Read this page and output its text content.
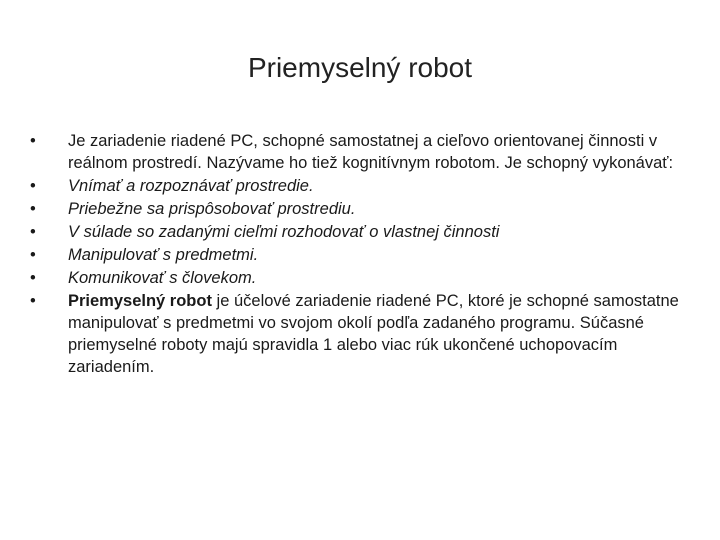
Priemyselný robot
• Je zariadenie riadené PC, schopné samostatnej a cieľovo orientovanej činnosti v reálnom prostredí. Nazývame ho tiež kognitívnym robotom. Je schopný vykonávať:
• Vnímať a rozpoznávať prostredie.
• Priebežne sa prispôsobovať prostrediu.
• V súlade so zadanými cieľmi rozhodovať o vlastnej činnosti
• Manipulovať s predmetmi.
• Komunikovať s človekom.
• Priemyselný robot je účelové zariadenie riadené PC, ktoré je schopné samostatne manipulovať s predmetmi vo svojom okolí podľa zadaného programu. Súčasné priemyselné roboty majú spravidla 1 alebo viac rúk ukončené uchopovacím zariadením.
